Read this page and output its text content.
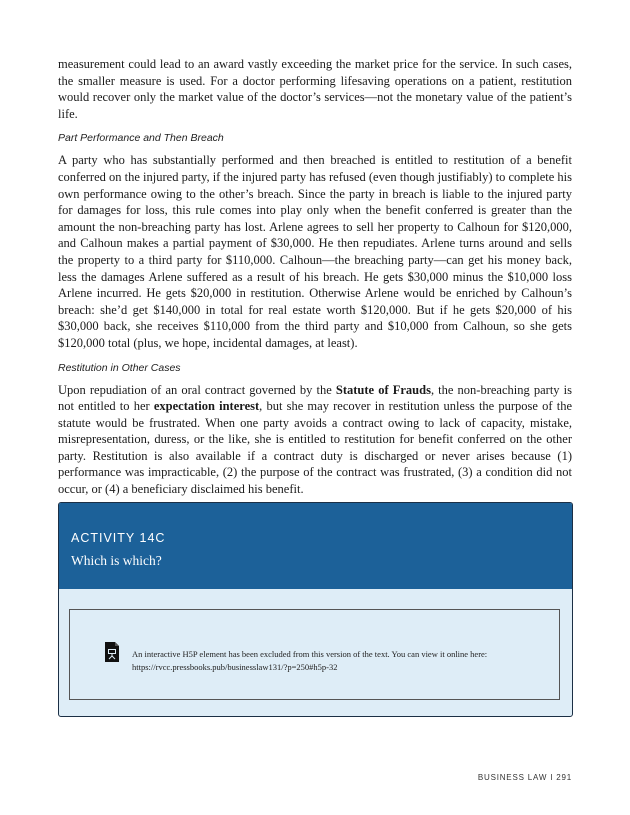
measurement could lead to an award vastly exceeding the market price for the service. In such cases, the smaller measure is used. For a doctor performing lifesaving operations on a patient, restitution would recover only the market value of the doctor’s services—not the monetary value of the patient’s life.

Part Performance and Then Breach

A party who has substantially performed and then breached is entitled to restitution of a benefit conferred on the injured party, if the injured party has refused (even though justifiably) to complete his own performance owing to the other’s breach. Since the party in breach is liable to the injured party for damages for loss, this rule comes into play only when the benefit conferred is greater than the amount the non-breaching party has lost. Arlene agrees to sell her property to Calhoun for $120,000, and Calhoun makes a partial payment of $30,000. He then repudiates. Arlene turns around and sells the property to a third party for $110,000. Calhoun—the breaching party—can get his money back, less the damages Arlene suffered as a result of his breach. He gets $30,000 minus the $10,000 loss Arlene incurred. He gets $20,000 in restitution. Otherwise Arlene would be enriched by Calhoun’s breach: she’d get $140,000 in total for real estate worth $120,000. But if he gets $20,000 of his $30,000 back, she receives $110,000 from the third party and $10,000 from Calhoun, so she gets $120,000 total (plus, we hope, incidental damages, at least).

Restitution in Other Cases

Upon repudiation of an oral contract governed by the Statute of Frauds, the non-breaching party is not entitled to her expectation interest, but she may recover in restitution unless the purpose of the statute would be frustrated. When one party avoids a contract owing to lack of capacity, mistake, misrepresentation, duress, or the like, she is entitled to restitution for benefit conferred on the other party. Restitution is also available if a contract duty is discharged or never arises because (1) performance was impracticable, (2) the purpose of the contract was frustrated, (3) a condition did not occur, or (4) a beneficiary disclaimed his benefit.

ACTIVITY 14C
Which is which?
An interactive H5P element has been excluded from this version of the text. You can view it online here:
https://rvcc.pressbooks.pub/businesslaw131/?p=250#h5p-32
BUSINESS LAW I 291
